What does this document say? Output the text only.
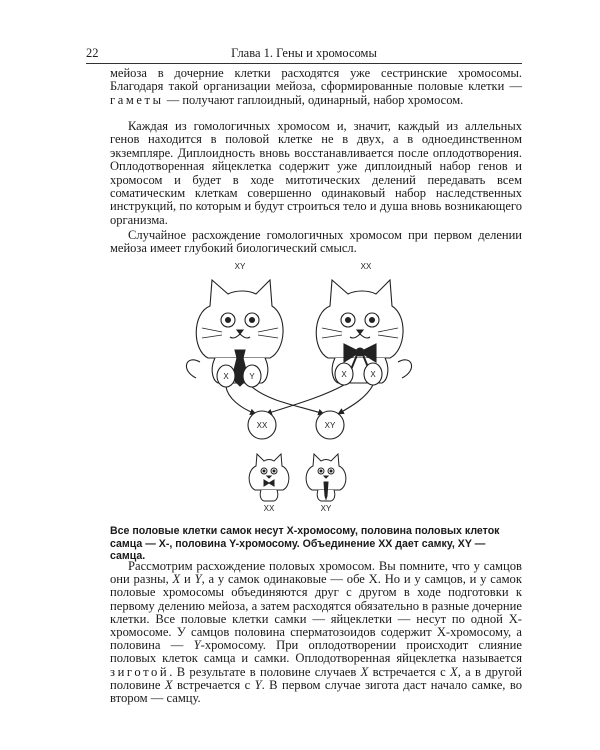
22	Глава 1. Гены и хромосомы
мейоза в дочерние клетки расходятся уже сестринские хромосомы. Благодаря такой организации мейоза, сформированные половые клетки — гаметы — получают гаплоидный, одинарный, набор хромосом.
Каждая из гомологичных хромосом и, значит, каждый из аллельных генов находится в половой клетке не в двух, а в одноединственном экземпляре. Диплоидность вновь восстанавливается после оплодотворения. Оплодотворенная яйцеклетка содержит уже диплоидный набор генов и хромосом и будет в ходе митотических делений передавать всем соматическим клеткам совершенно одинаковый набор наследственных инструкций, по которым и будут строиться тело и душа вновь возникающего организма.
Случайное расхождение гомологичных хромосом при первом делении мейоза имеет глубокий биологический смысл.
XY	XX
X	Y	X	X
XX	XY
XX	XY
Все половые клетки самок несут X-хромосому, половина половых клеток самца — X-, половина Y-хромосому. Объединение XX дает самку, XY — самца.
Рассмотрим расхождение половых хромосом. Вы помните, что у самцов они разны, X и Y, а у самок одинаковые — обе X. Но и у самцов, и у самок половые хромосомы объединяются друг с другом в ходе подготовки к первому делению мейоза, а затем расходятся обязательно в разные дочерние клетки. Все половые клетки самки — яйцеклетки — несут по одной X-хромосоме. У самцов половина сперматозоидов содержит X-хромосому, а половина — Y-хромосому. При оплодотворении происходит слияние половых клеток самца и самки. Оплодотворенная яйцеклетка называется зиготой. В результате в половине случаев X встречается с X, а в другой половине X встречается с Y. В первом случае зигота даст начало самке, во втором — самцу.
